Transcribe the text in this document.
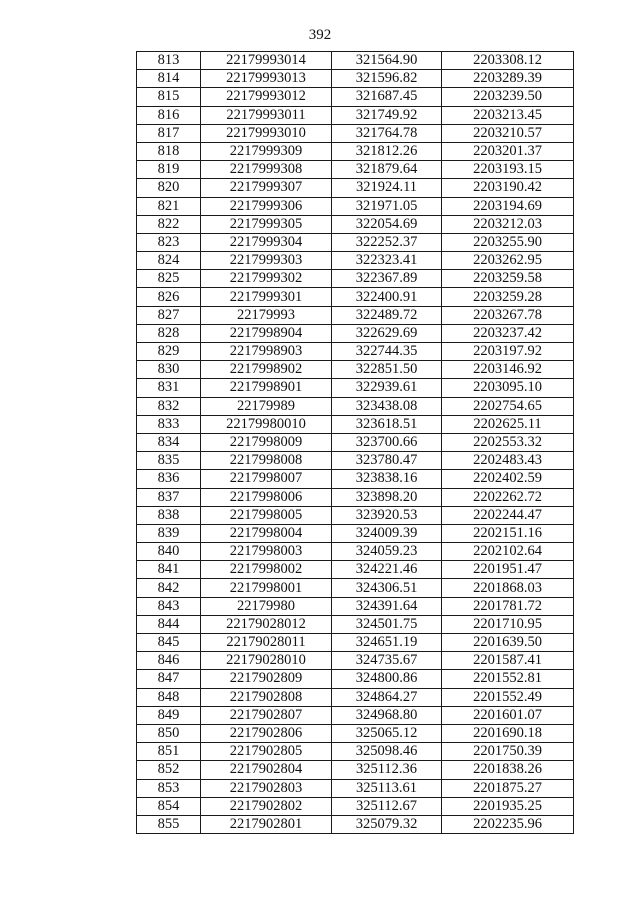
392
813	22179993014	321564.90	2203308.12
814	22179993013	321596.82	2203289.39
815	22179993012	321687.45	2203239.50
816	22179993011	321749.92	2203213.45
817	22179993010	321764.78	2203210.57
818	2217999309	321812.26	2203201.37
819	2217999308	321879.64	2203193.15
820	2217999307	321924.11	2203190.42
821	2217999306	321971.05	2203194.69
822	2217999305	322054.69	2203212.03
823	2217999304	322252.37	2203255.90
824	2217999303	322323.41	2203262.95
825	2217999302	322367.89	2203259.58
826	2217999301	322400.91	2203259.28
827	22179993	322489.72	2203267.78
828	2217998904	322629.69	2203237.42
829	2217998903	322744.35	2203197.92
830	2217998902	322851.50	2203146.92
831	2217998901	322939.61	2203095.10
832	22179989	323438.08	2202754.65
833	22179980010	323618.51	2202625.11
834	2217998009	323700.66	2202553.32
835	2217998008	323780.47	2202483.43
836	2217998007	323838.16	2202402.59
837	2217998006	323898.20	2202262.72
838	2217998005	323920.53	2202244.47
839	2217998004	324009.39	2202151.16
840	2217998003	324059.23	2202102.64
841	2217998002	324221.46	2201951.47
842	2217998001	324306.51	2201868.03
843	22179980	324391.64	2201781.72
844	22179028012	324501.75	2201710.95
845	22179028011	324651.19	2201639.50
846	22179028010	324735.67	2201587.41
847	2217902809	324800.86	2201552.81
848	2217902808	324864.27	2201552.49
849	2217902807	324968.80	2201601.07
850	2217902806	325065.12	2201690.18
851	2217902805	325098.46	2201750.39
852	2217902804	325112.36	2201838.26
853	2217902803	325113.61	2201875.27
854	2217902802	325112.67	2201935.25
855	2217902801	325079.32	2202235.96
